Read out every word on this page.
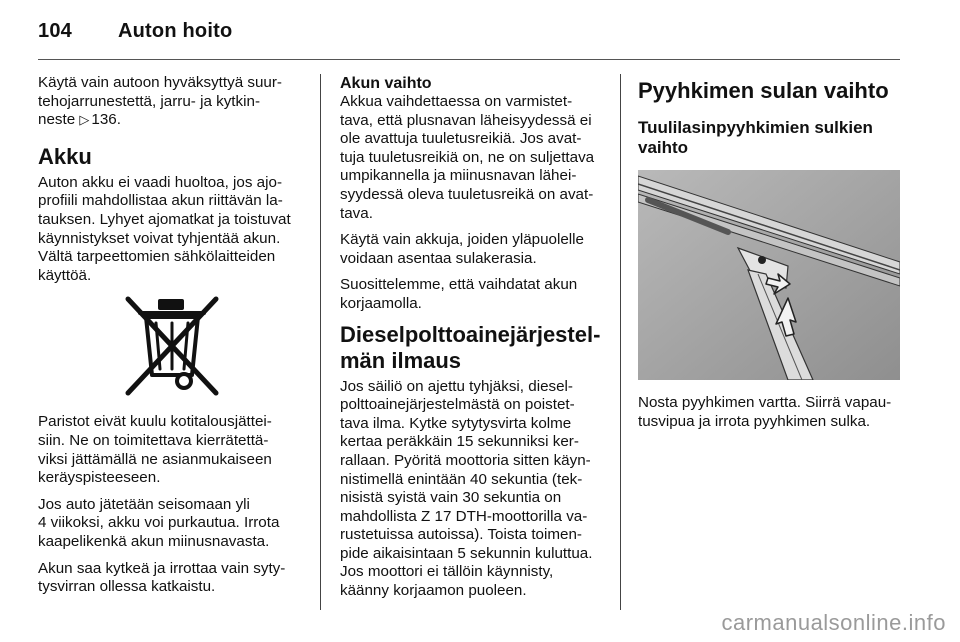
104 Auton hoito

Käytä vain autoon hyväksyttyä suur-
tehojarrunestettä, jarru- ja kytkin-
neste ▷ 136.

Akku

Auton akku ei vaadi huoltoa, jos ajo-
profiili mahdollistaa akun riittävän la-
tauksen. Lyhyet ajomatkat ja toistuvat
käynnistykset voivat tyhjentää akun.
Vältä tarpeettomien sähkölaitteiden
käyttöä.

Paristot eivät kuulu kotitalousjättei-
siin. Ne on toimitettava kierrätettä-
viksi jättämällä ne asianmukaiseen
keräyspisteeseen.

Jos auto jätetään seisomaan yli
4 viikoksi, akku voi purkautua. Irrota
kaapelikenkä akun miinusnavasta.

Akun saa kytkeä ja irrottaa vain syty-
tysvirran ollessa katkaistu.

Akun vaihto

Akkua vaihdettaessa on varmistet-
tava, että plusnavan läheisyydessä ei
ole avattuja tuuletusreikiä. Jos avat-
tuja tuuletusreikiä on, ne on suljettava
umpikannella ja miinusnavan lähei-
syydessä oleva tuuletusreikä on avat-
tava.

Käytä vain akkuja, joiden yläpuolelle
voidaan asentaa sulakerasia.

Suosittelemme, että vaihdatat akun
korjaamolla.

Dieselpolttoainejärjestel-
män ilmaus

Jos säiliö on ajettu tyhjäksi, diesel-
polttoainejärjestelmästä on poistet-
tava ilma. Kytke sytytysvirta kolme
kertaa peräkkäin 15 sekunniksi ker-
rallaan. Pyöritä moottoria sitten käyn-
nistimellä enintään 40 sekuntia (tek-
nisistä syistä vain 30 sekuntia on
mahdollista Z 17 DTH-moottorilla va-
rustetuissa autoissa). Toista toimen-
pide aikaisintaan 5 sekunnin kuluttua.
Jos moottori ei tällöin käynnisty,
käänny korjaamon puoleen.

Pyyhkimen sulan vaihto
Tuulilasinpyyhkimien sulkien
vaihto

Nosta pyyhkimen vartta. Siirrä vapau-
tusvipua ja irrota pyyhkimen sulka.

carmanualsonline.info
